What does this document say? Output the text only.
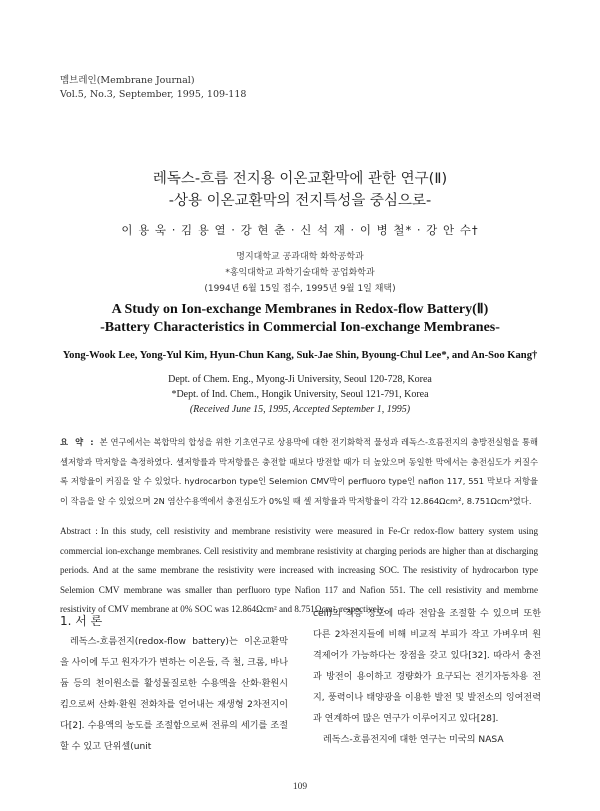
멤브레인(Membrane Journal)
Vol.5, No.3, September, 1995, 109-118
레독스-흐름 전지용 이온교환막에 관한 연구(Ⅱ)
-상용 이온교환막의 전지특성을 중심으로-
이 용 욱 · 김 용 열 · 강 현 춘 · 신 석 재 · 이 병 철* · 강 안 수†
명지대학교 공과대학 화학공학과
*홍익대학교 과학기술대학 공업화학과
(1994년 6월 15일 접수, 1995년 9월 1일 채택)
A Study on Ion-exchange Membranes in Redox-flow Battery(Ⅱ)
-Battery Characteristics in Commercial Ion-exchange Membranes-
Yong-Wook Lee, Yong-Yul Kim, Hyun-Chun Kang, Suk-Jae Shin, Byoung-Chul Lee*, and An-Soo Kang†
Dept. of Chem. Eng., Myong-Ji University, Seoul 120-728, Korea
*Dept. of Ind. Chem., Hongik University, Seoul 121-791, Korea
(Received June 15, 1995, Accepted September 1, 1995)
요 약 : 본 연구에서는 복합막의 합성을 위한 기초연구로 상용막에 대한 전기화학적 물성과 레독스-흐름전지의 충방전실험을 통해 셀저항과 막저항을 측정하였다. 셀저항률과 막저항률은 충전할 때보다 방전할 때가 더 높았으며 동일한 막에서는 충전심도가 커질수록 저항율이 커짐을 알 수 있었다. hydrocarbon type인 Selemion CMV막이 perfluoro type인 nafion 117, 551 막보다 저항율이 작음을 알 수 있었으며 2N 염산수용액에서 충전심도가 0%일 때 셀 저항율과 막저항율이 각각 12.864Ωcm², 8.751Ωcm²였다.
Abstract : In this study, cell resistivity and membrane resistivity were measured in Fe-Cr redox-flow battery system using commercial ion-exchange membranes. Cell resistivity and membrane resistivity at charging periods are higher than at discharging periods. And at the same membrane the resistivity were increased with increasing SOC. The resistivity of hydrocarbon type Selemion CMV membrane was smaller than perfluoro type Nafion 117 and Nafion 551. The cell resistivity and membrne resistivity of CMV membrane at 0% SOC was 12.864Ωcm² and 8.751Ωcm², respectively.
1. 서 론
레독스-흐름전지(redox-flow battery)는 이온교환막을 사이에 두고 원자가가 변하는 이온들, 즉 철, 크롬, 바나듐 등의 천이원소를 활성물질로한 수용액을 산화·환원시킴으로써 산화·환원 전화차를 얻어내는 재생형 2차전지이다[2]. 수용액의 농도를 조절함으로써 전류의 세기를 조절할 수 있고 단위셀(unit

cell)의 적층 정도에 따라 전압을 조절할 수 있으며 또한 다른 2차전지들에 비해 비교적 부피가 작고 가벼우며 원격제어가 가능하다는 장점을 갖고 있다[32]. 따라서 충전과 방전이 용이하고 경량화가 요구되는 전기자동차용 전지, 풍력이나 태양광을 이용한 발전 및 발전소의 잉여전력과 연계하여 많은 연구가 이루어지고 있다[28].

레독스-흐름전지에 대한 연구는 미국의 NASA

109
